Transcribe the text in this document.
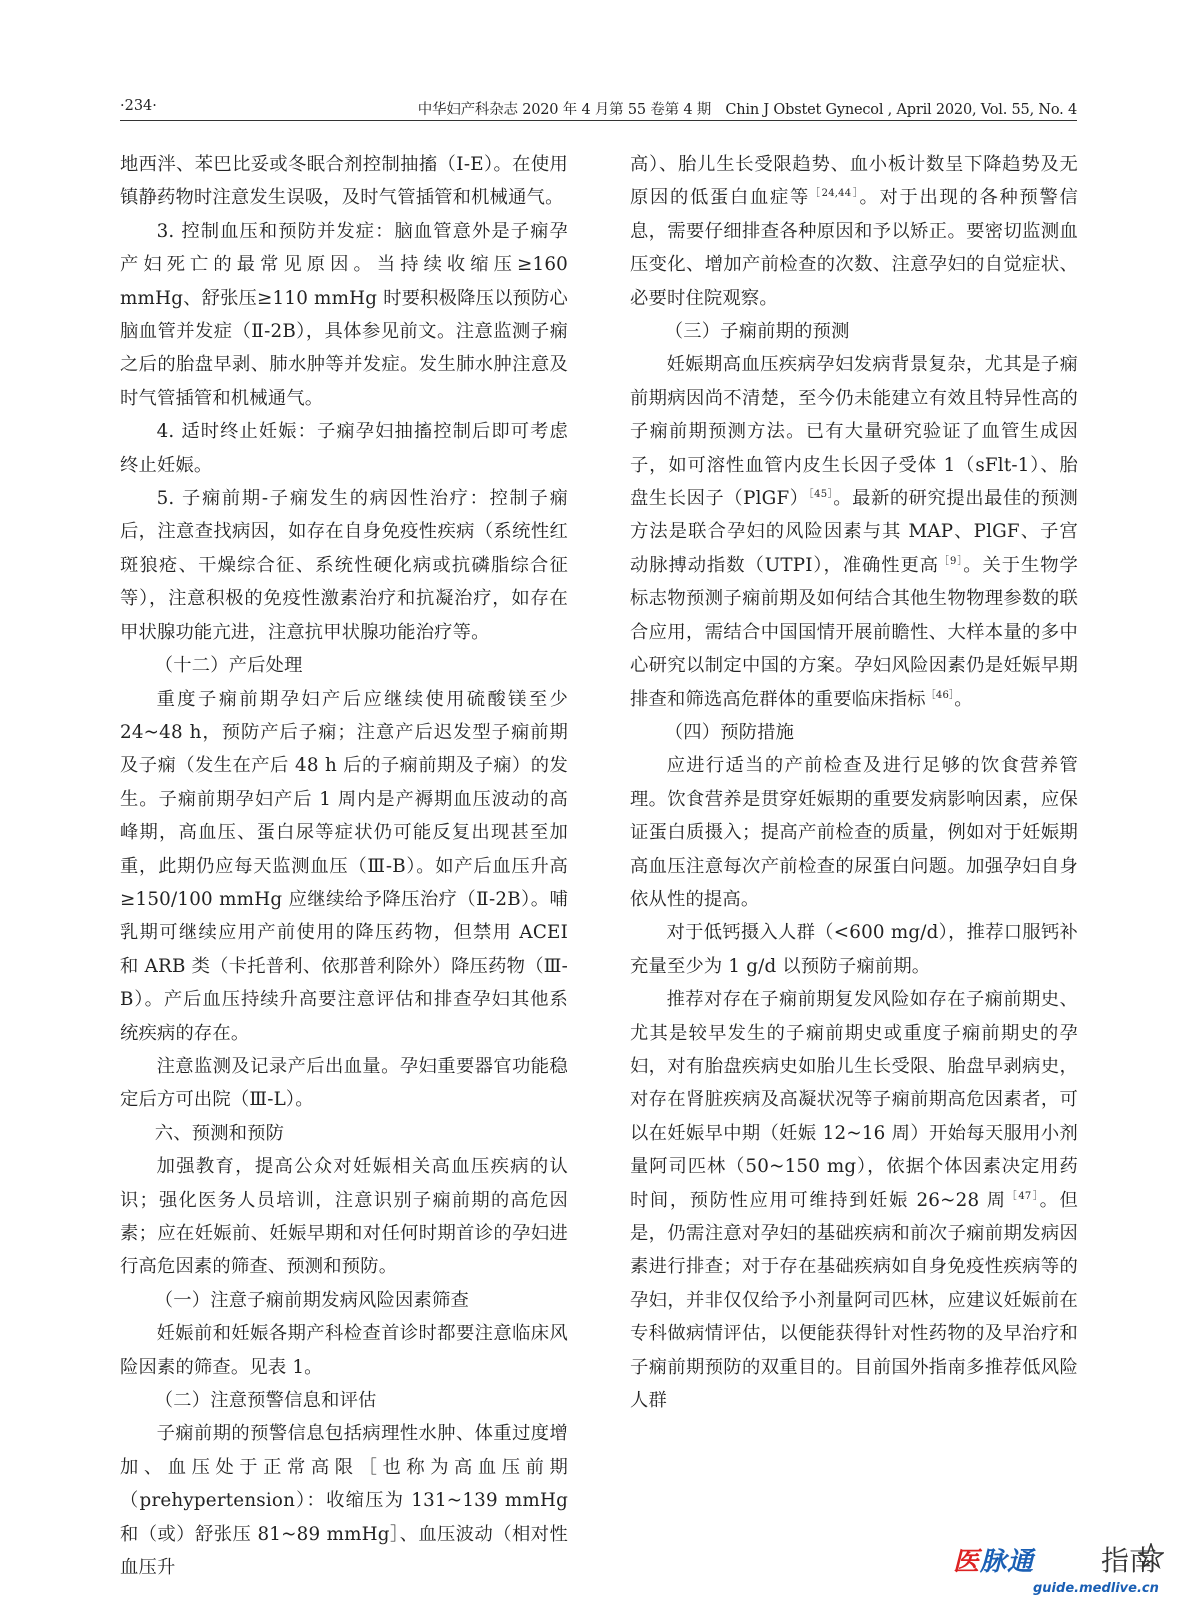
·234·	中华妇产科杂志 2020 年 4 月第 55 卷第 4 期　Chin J Obstet Gynecol , April 2020, Vol. 55, No. 4

地西泮、苯巴比妥或冬眠合剂控制抽搐（Ⅰ-E）。在使用镇静药物时注意发生误吸，及时气管插管和机械通气。

3. 控制血压和预防并发症：脑血管意外是子痫孕产妇死亡的最常见原因。当持续收缩压≥160 mmHg、舒张压≥110 mmHg 时要积极降压以预防心脑血管并发症（Ⅱ-2B），具体参见前文。注意监测子痫之后的胎盘早剥、肺水肿等并发症。发生肺水肿注意及时气管插管和机械通气。

4. 适时终止妊娠：子痫孕妇抽搐控制后即可考虑终止妊娠。

5. 子痫前期-子痫发生的病因性治疗：控制子痫后，注意查找病因，如存在自身免疫性疾病（系统性红斑狼疮、干燥综合征、系统性硬化病或抗磷脂综合征等），注意积极的免疫性激素治疗和抗凝治疗，如存在甲状腺功能亢进，注意抗甲状腺功能治疗等。

（十二）产后处理

重度子痫前期孕妇产后应继续使用硫酸镁至少 24~48 h，预防产后子痫；注意产后迟发型子痫前期及子痫（发生在产后 48 h 后的子痫前期及子痫）的发生。子痫前期孕妇产后 1 周内是产褥期血压波动的高峰期，高血压、蛋白尿等症状仍可能反复出现甚至加重，此期仍应每天监测血压（Ⅲ-B）。如产后血压升高≥150/100 mmHg 应继续给予降压治疗（Ⅱ-2B）。哺乳期可继续应用产前使用的降压药物，但禁用 ACEI 和 ARB 类（卡托普利、依那普利除外）降压药物（Ⅲ-B）。产后血压持续升高要注意评估和排查孕妇其他系统疾病的存在。

注意监测及记录产后出血量。孕妇重要器官功能稳定后方可出院（Ⅲ-L）。

六、预测和预防

加强教育，提高公众对妊娠相关高血压疾病的认识；强化医务人员培训，注意识别子痫前期的高危因素；应在妊娠前、妊娠早期和对任何时期首诊的孕妇进行高危因素的筛查、预测和预防。

（一）注意子痫前期发病风险因素筛查

妊娠前和妊娠各期产科检查首诊时都要注意临床风险因素的筛查。见表 1。

（二）注意预警信息和评估

子痫前期的预警信息包括病理性水肿、体重过度增加、血压处于正常高限［也称为高血压前期（prehypertension）：收缩压为 131~139 mmHg 和（或）舒张压 81~89 mmHg］、血压波动（相对性血压升

高）、胎儿生长受限趋势、血小板计数呈下降趋势及无原因的低蛋白血症等$^{[24,44]}$。对于出现的各种预警信息，需要仔细排查各种原因和予以矫正。要密切监测血压变化、增加产前检查的次数、注意孕妇的自觉症状、必要时住院观察。

（三）子痫前期的预测

妊娠期高血压疾病孕妇发病背景复杂，尤其是子痫前期病因尚不清楚，至今仍未能建立有效且特异性高的子痫前期预测方法。已有大量研究验证了血管生成因子，如可溶性血管内皮生长因子受体 1（sFlt-1）、胎盘生长因子（PlGF）$^{[45]}$。最新的研究提出最佳的预测方法是联合孕妇的风险因素与其 MAP、PlGF、子宫动脉搏动指数（UTPI），准确性更高$^{[9]}$。关于生物学标志物预测子痫前期及如何结合其他生物物理参数的联合应用，需结合中国国情开展前瞻性、大样本量的多中心研究以制定中国的方案。孕妇风险因素仍是妊娠早期排查和筛选高危群体的重要临床指标$^{[46]}$。

（四）预防措施

应进行适当的产前检查及进行足够的饮食营养管理。饮食营养是贯穿妊娠期的重要发病影响因素，应保证蛋白质摄入；提高产前检查的质量，例如对于妊娠期高血压注意每次产前检查的尿蛋白问题。加强孕妇自身依从性的提高。

对于低钙摄入人群（<600 mg/d），推荐口服钙补充量至少为 1 g/d 以预防子痫前期。

推荐对存在子痫前期复发风险如存在子痫前期史、尤其是较早发生的子痫前期史或重度子痫前期史的孕妇，对有胎盘疾病史如胎儿生长受限、胎盘早剥病史，对存在肾脏疾病及高凝状况等子痫前期高危因素者，可以在妊娠早中期（妊娠 12~16 周）开始每天服用小剂量阿司匹林（50~150 mg），依据个体因素决定用药时间，预防性应用可维持到妊娠 26~28 周$^{[47]}$。但是，仍需注意对孕妇的基础疾病和前次子痫前期发病因素进行排查；对于存在基础疾病如自身免疫性疾病等的孕妇，并非仅仅给予小剂量阿司匹林，应建议妊娠前在专科做病情评估，以便能获得针对性药物的及早治疗和子痫前期预防的双重目的。目前国外指南多推荐低风险人群

医脉通 指南
guide.medlive.cn
